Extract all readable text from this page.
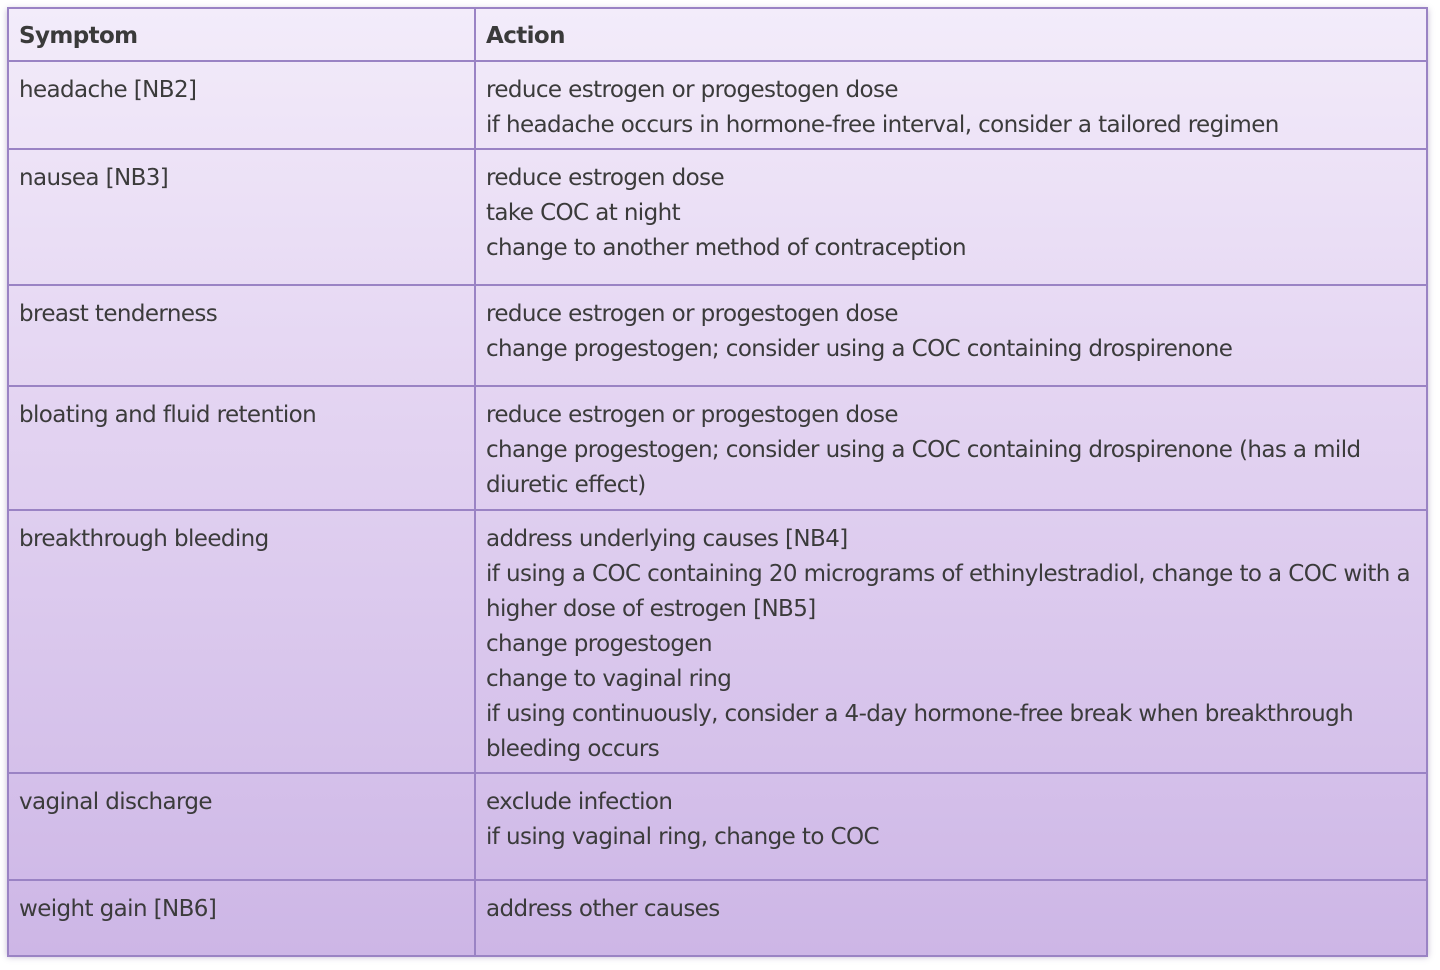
Symptom	Action
headache [NB2]	reduce estrogen or progestogen dose
if headache occurs in hormone-free interval, consider a tailored regimen

nausea [NB3]	reduce estrogen dose
take COC at night
change to another method of contraception

breast tenderness	reduce estrogen or progestogen dose
change progestogen; consider using a COC containing drospirenone

bloating and fluid retention	reduce estrogen or progestogen dose
change progestogen; consider using a COC containing drospirenone (has a mild diuretic effect)

breakthrough bleeding	address underlying causes [NB4]
if using a COC containing 20 micrograms of ethinylestradiol, change to a COC with a higher dose of estrogen [NB5]
change progestogen
change to vaginal ring
if using continuously, consider a 4-day hormone-free break when breakthrough bleeding occurs

vaginal discharge	exclude infection
if using vaginal ring, change to COC

weight gain [NB6]	address other causes
